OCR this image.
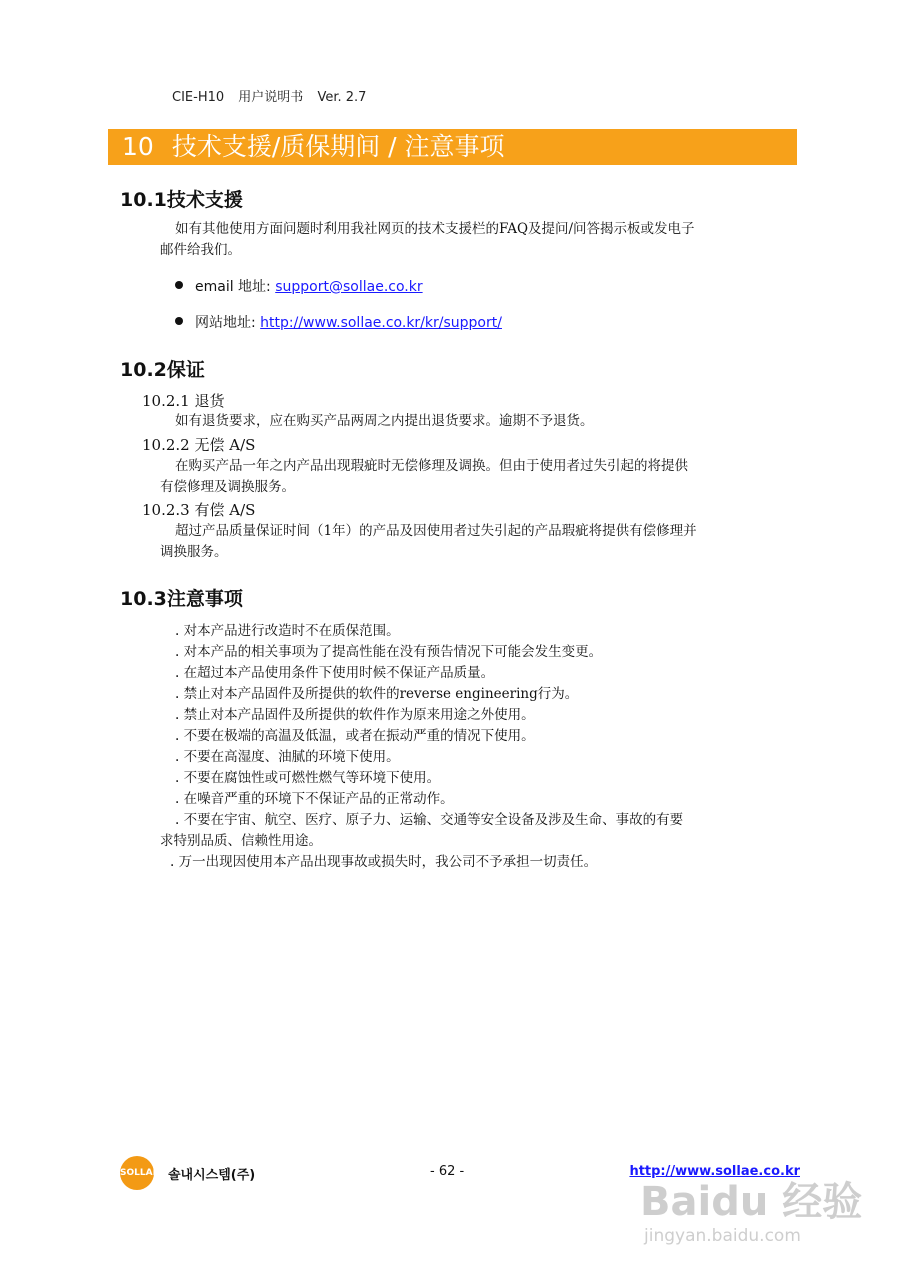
CIE-H10 用户说明书 Ver. 2.7
10 技术支援/质保期间 / 注意事项
10.1技术支援

如有其他使用方面问题时利用我社网页的技术支援栏的FAQ及提问/问答揭示板或发电子

邮件给我们。

email 地址: support@sollae.co.kr
网站地址: http://www.sollae.co.kr/kr/support/
10.2保证
10.2.1 退货

如有退货要求，应在购买产品两周之内提出退货要求。逾期不予退货。

10.2.2 无偿 A/S

在购买产品一年之内产品出现瑕疵时无偿修理及调换。但由于使用者过失引起的将提供

有偿修理及调换服务。

10.2.3 有偿 A/S

超过产品质量保证时间（1年）的产品及因使用者过失引起的产品瑕疵将提供有偿修理并

调换服务。

10.3注意事项
. 对本产品进行改造时不在质保范围。
. 对本产品的相关事项为了提高性能在没有预告情况下可能会发生变更。
. 在超过本产品使用条件下使用时候不保证产品质量。
. 禁止对本产品固件及所提供的软件的reverse engineering行为。
. 禁止对本产品固件及所提供的软件作为原来用途之外使用。
. 不要在极端的高温及低温，或者在振动严重的情况下使用。
. 不要在高湿度、油腻的环境下使用。
. 不要在腐蚀性或可燃性燃气等环境下使用。
. 在噪音严重的环境下不保证产品的正常动作。
. 不要在宇宙、航空、医疗、原子力、运输、交通等安全设备及涉及生命、事故的有要
求特别品质、信赖性用途。
. 万一出现因使用本产品出现事故或损失时，我公司不予承担一切责任。
SOLLAE 솔내시스템(주)	- 62 -	http://www.sollae.co.kr
Baidu 经验
jingyan.baidu.com
